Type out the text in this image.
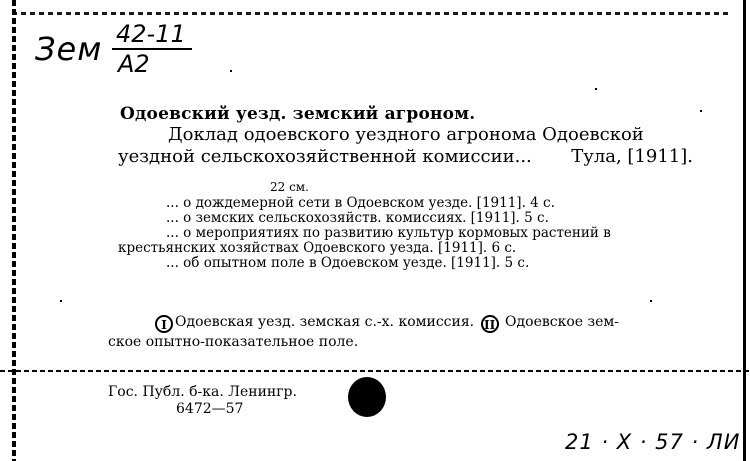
Зем 42-11
А2
Одоевский уезд. земский агроном.
Доклад одоевского уездного агронома Одоевской
уездной сельскохозяйственной комиссии... Тула, [1911].
22 см.
... о дождемерной сети в Одоевском уезде. [1911]. 4 с.
... о земских сельскохозяйств. комиссиях. [1911]. 5 с.
... о мероприятиях по развитию культур кормовых растений в
крестьянских хозяйствах Одоевского уезда. [1911]. 6 с.
... об опытном поле в Одоевском уезде. [1911]. 5 с.
I Одоевская уезд. земская с.-х. комиссия. II Одоевское зем-
ское опытно-показательное поле.
Гос. Публ. б-ка. Ленингр.
6472—57
21 · X · 57 · ЛИ
